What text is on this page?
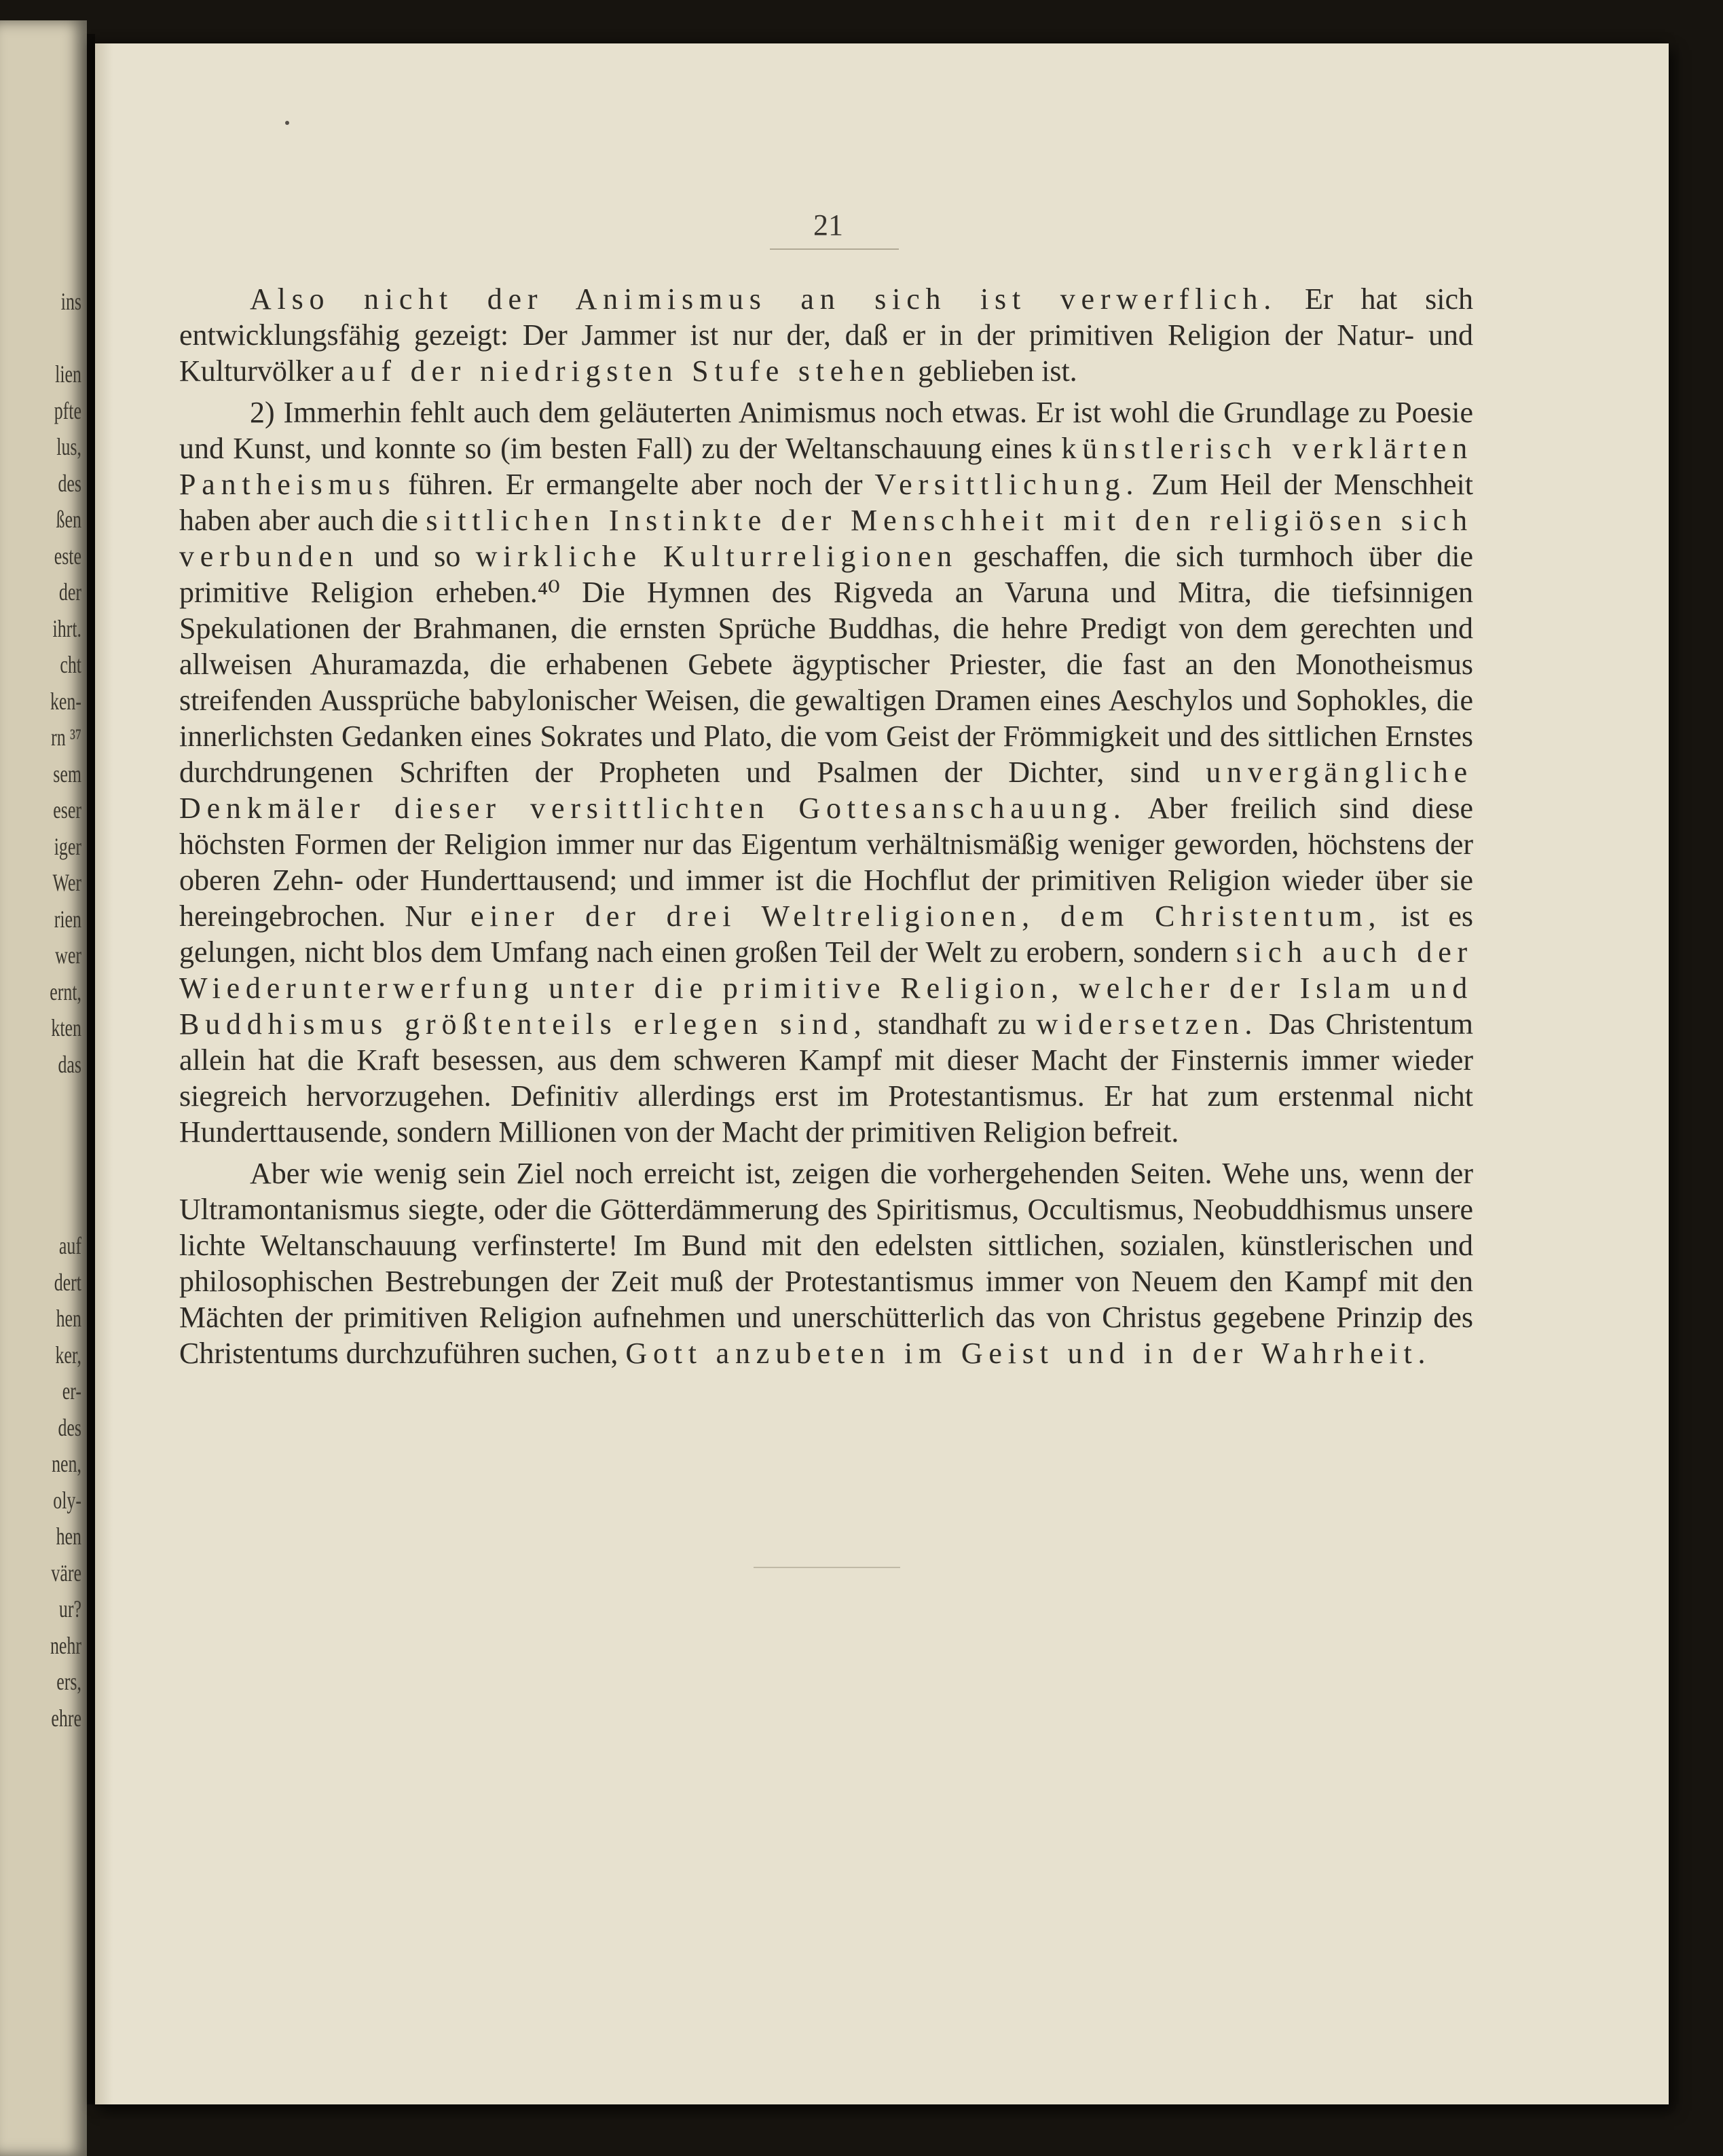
ins

lien
pfte
lus,
des
ßen
este
der
ihrt.
cht
ken-
rn ³⁷
sem
eser
iger
Wer
rien
wer
ernt,
kten
das
auf
dert
hen
ker,
er-
des
nen,
oly-
hen
väre
ur?
nehr
ers,
ehre
21

Also nicht der Animismus an sich ist verwerflich. Er hat sich entwicklungsfähig gezeigt: Der Jammer ist nur der, daß er in der primitiven Religion der Natur- und Kulturvölker auf der niedrigsten Stufe stehen geblieben ist.

2) Immerhin fehlt auch dem geläuterten Animismus noch etwas. Er ist wohl die Grundlage zu Poesie und Kunst, und konnte so (im besten Fall) zu der Weltanschauung eines künstlerisch verklärten Pantheismus führen. Er ermangelte aber noch der Versittlichung. Zum Heil der Menschheit haben aber auch die sittlichen Instinkte der Menschheit mit den religiösen sich verbunden und so wirkliche Kulturreligionen geschaffen, die sich turmhoch über die primitive Religion erheben.⁴⁰ Die Hymnen des Rigveda an Varuna und Mitra, die tiefsinnigen Spekulationen der Brahmanen, die ernsten Sprüche Buddhas, die hehre Predigt von dem gerechten und allweisen Ahuramazda, die erhabenen Gebete ägyptischer Priester, die fast an den Monotheismus streifenden Aussprüche babylonischer Weisen, die gewaltigen Dramen eines Aeschylos und Sophokles, die innerlichsten Gedanken eines Sokrates und Plato, die vom Geist der Frömmigkeit und des sittlichen Ernstes durchdrungenen Schriften der Propheten und Psalmen der Dichter, sind unvergängliche Denkmäler dieser versittlichten Gottesanschauung. Aber freilich sind diese höchsten Formen der Religion immer nur das Eigentum verhältnismäßig weniger geworden, höchstens der oberen Zehn- oder Hunderttausend; und immer ist die Hochflut der primitiven Religion wieder über sie hereingebrochen. Nur einer der drei Weltreligionen, dem Christentum, ist es gelungen, nicht blos dem Umfang nach einen großen Teil der Welt zu erobern, sondern sich auch der Wiederunterwerfung unter die primitive Religion, welcher der Islam und Buddhismus größtenteils erlegen sind, standhaft zu widersetzen. Das Christentum allein hat die Kraft besessen, aus dem schweren Kampf mit dieser Macht der Finsternis immer wieder siegreich hervorzugehen. Definitiv allerdings erst im Protestantismus. Er hat zum erstenmal nicht Hunderttausende, sondern Millionen von der Macht der primitiven Religion befreit.

Aber wie wenig sein Ziel noch erreicht ist, zeigen die vorhergehenden Seiten. Wehe uns, wenn der Ultramontanismus siegte, oder die Götterdämmerung des Spiritismus, Occultismus, Neobuddhismus unsere lichte Weltanschauung verfinsterte! Im Bund mit den edelsten sittlichen, sozialen, künstlerischen und philosophischen Bestrebungen der Zeit muß der Protestantismus immer von Neuem den Kampf mit den Mächten der primitiven Religion aufnehmen und unerschütterlich das von Christus gegebene Prinzip des Christentums durchzuführen suchen, Gott anzubeten im Geist und in der Wahrheit.
